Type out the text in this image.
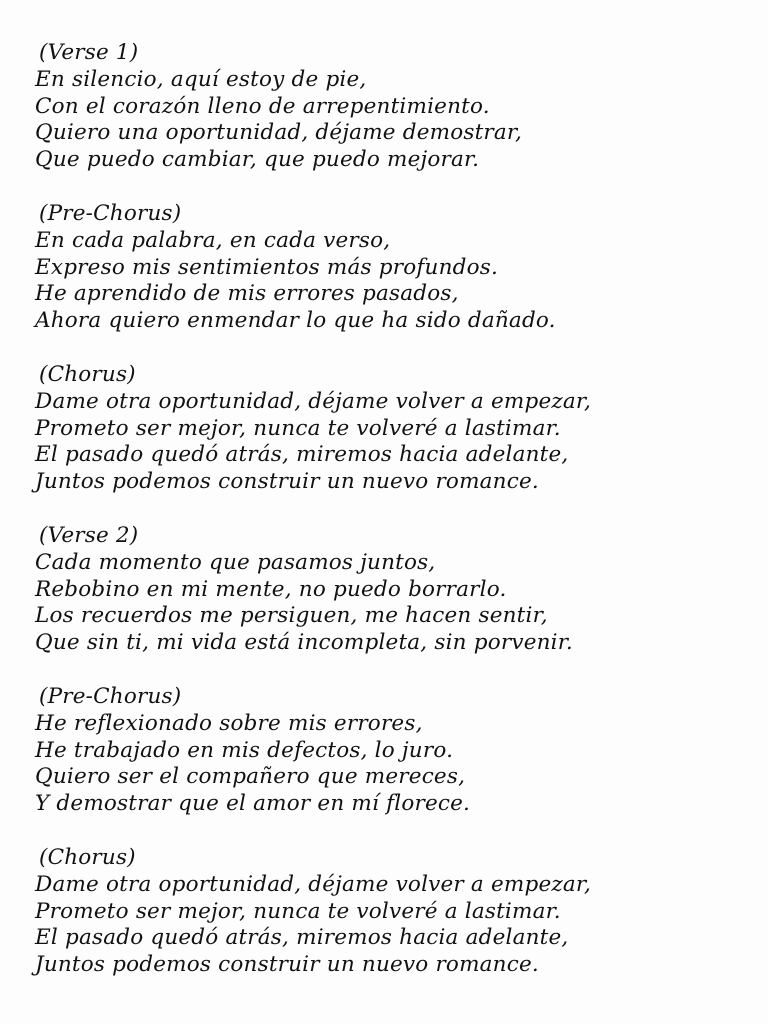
(Verse 1)
En silencio, aquí estoy de pie,
Con el corazón lleno de arrepentimiento.
Quiero una oportunidad, déjame demostrar,
Que puedo cambiar, que puedo mejorar.
(Pre-Chorus)
En cada palabra, en cada verso,
Expreso mis sentimientos más profundos.
He aprendido de mis errores pasados,
Ahora quiero enmendar lo que ha sido dañado.
(Chorus)
Dame otra oportunidad, déjame volver a empezar,
Prometo ser mejor, nunca te volveré a lastimar.
El pasado quedó atrás, miremos hacia adelante,
Juntos podemos construir un nuevo romance.
(Verse 2)
Cada momento que pasamos juntos,
Rebobino en mi mente, no puedo borrarlo.
Los recuerdos me persiguen, me hacen sentir,
Que sin ti, mi vida está incompleta, sin porvenir.
(Pre-Chorus)
He reflexionado sobre mis errores,
He trabajado en mis defectos, lo juro.
Quiero ser el compañero que mereces,
Y demostrar que el amor en mí florece.
(Chorus)
Dame otra oportunidad, déjame volver a empezar,
Prometo ser mejor, nunca te volveré a lastimar.
El pasado quedó atrás, miremos hacia adelante,
Juntos podemos construir un nuevo romance.
